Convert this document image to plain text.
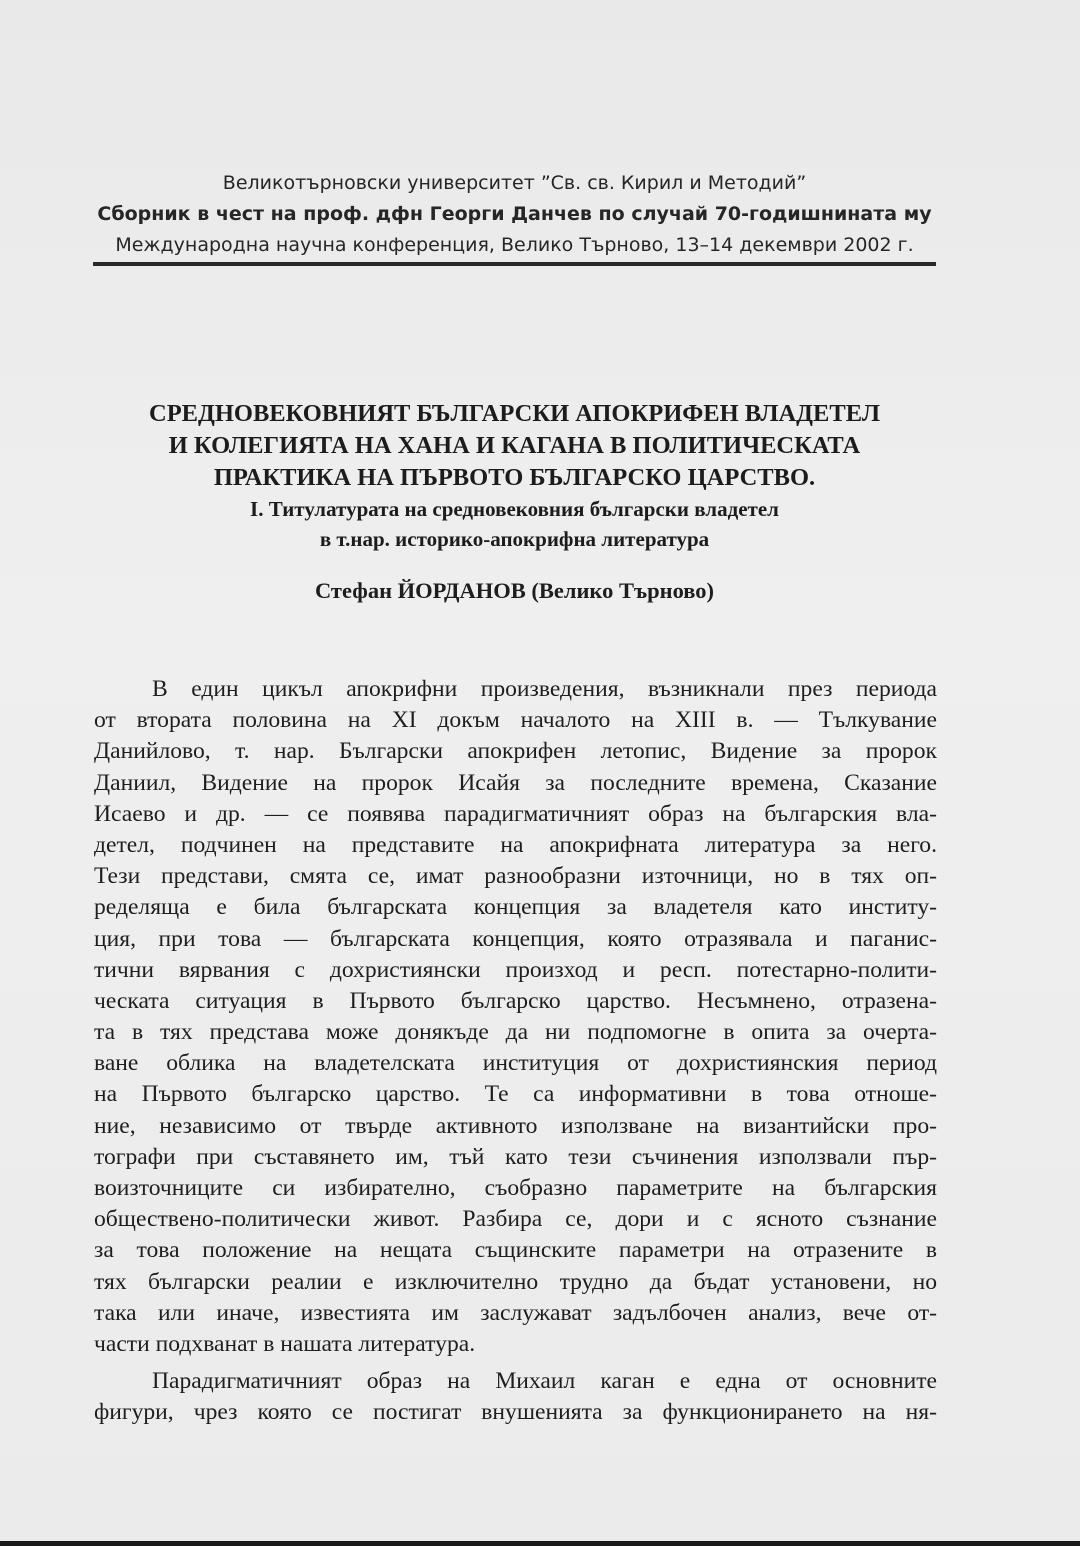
Великотърновски университет ”Св. св. Кирил и Методий”
Сборник в чест на проф. дфн Георги Данчев по случай 70-годишнината му
Международна научна конференция, Велико Търново, 13–14 декември 2002 г.
СРЕДНОВЕКОВНИЯТ БЪЛГАРСКИ АПОКРИФЕН ВЛАДЕТЕЛ
И КОЛЕГИЯТА НА ХАНА И КАГАНА В ПОЛИТИЧЕСКАТА
ПРАКТИКА НА ПЪРВОТО БЪЛГАРСКО ЦАРСТВО.
I. Титулатурата на средновековния български владетел
в т.нар. историко-апокрифна литература
Стефан ЙОРДАНОВ (Велико Търново)
В един цикъл апокрифни произведения, възникнали през периода
от втората половина на XI докъм началото на XIII в. — Тълкувание
Данийлово, т. нар. Български апокрифен летопис, Видение за пророк
Даниил, Видение на пророк Исайя за последните времена, Сказание
Исаево и др. — се появява парадигматичният образ на българския вла-
детел, подчинен на представите на апокрифната литература за него.
Тези представи, смята се, имат разнообразни източници, но в тях оп-
ределяща е била българската концепция за владетеля като институ-
ция, при това — българската концепция, която отразявала и паганис-
тични вярвания с дохристиянски произход и респ. потестарно-полити-
ческата ситуация в Първото българско царство. Несъмнено, отразена-
та в тях представа може донякъде да ни подпомогне в опита за очерта-
ване облика на владетелската институция от дохристиянския период
на Първото българско царство. Те са информативни в това отноше-
ние, независимо от твърде активното използване на византийски про-
тографи при съставянето им, тъй като тези съчинения използвали пър-
воизточниците си избирателно, съобразно параметрите на българския
обществено-политически живот. Разбира се, дори и с ясното съзнание
за това положение на нещата същинските параметри на отразените в
тях български реалии е изключително трудно да бъдат установени, но
така или иначе, известията им заслужават задълбочен анализ, вече от-
части подхванат в нашата литература.
Парадигматичният образ на Михаил каган е една от основните
фигури, чрез която се постигат внушенията за функционирането на ня-
